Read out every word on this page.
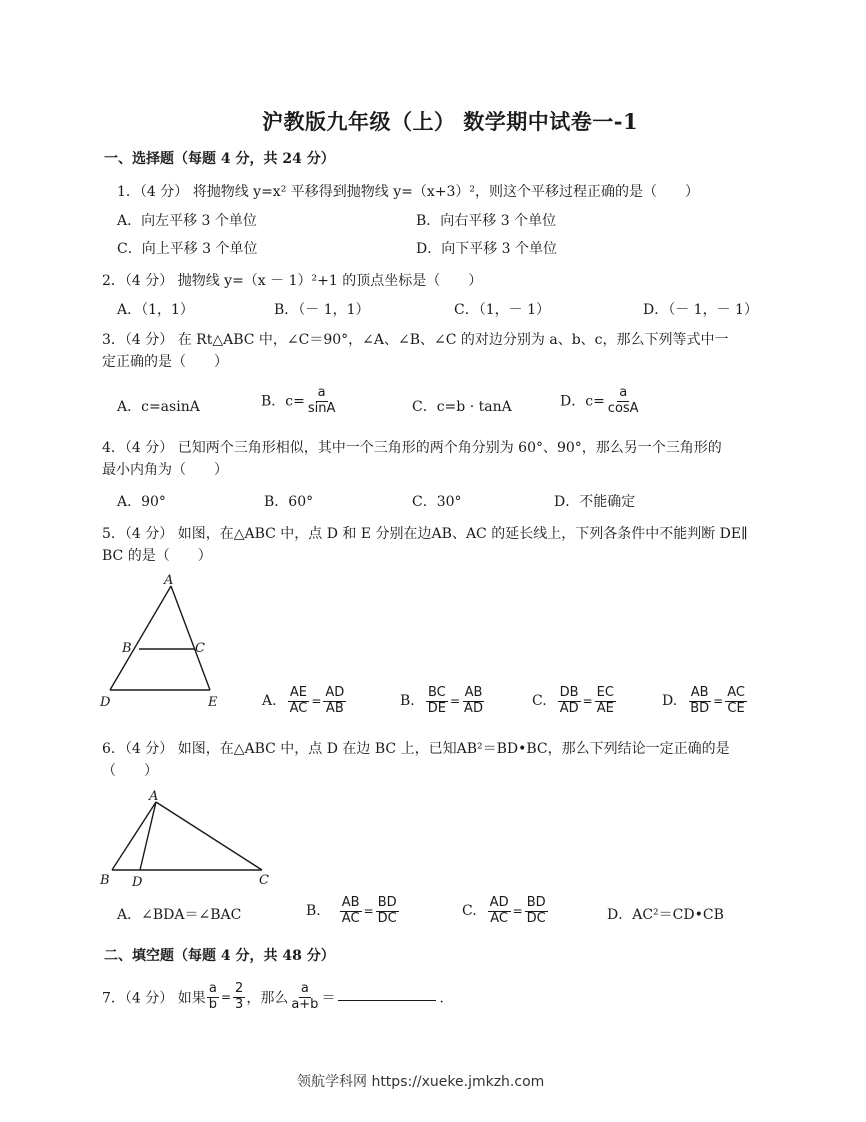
沪教版九年级（上） 数学期中试卷一-1
一、选择题（每题 4 分，共 24 分）
1．（4 分） 将抛物线 y=x² 平移得到抛物线 y=（x+3）²，则这个平移过程正确的是（　　）
A．向左平移 3 个单位	B．向右平移 3 个单位
C．向上平移 3 个单位	D．向下平移 3 个单位
2．（4 分） 抛物线 y=（x － 1）²+1 的顶点坐标是（　　）
A．（1，1）	B．（－ 1，1）	C．（1，－ 1）	D．（－ 1，－ 1）
3．（4 分） 在 Rt△ABC 中，∠C＝90°，∠A、∠B、∠C 的对边分别为 a、b、c，那么下列等式中一
定正确的是（　　）
A．c=asinA	B．$c= \frac{a}{\sin A}$	C．c=b · tanA	D．$c= \frac{a}{\cos A}$
4．（4 分） 已知两个三角形相似，其中一个三角形的两个角分别为 60°、90°，那么另一个三角形的
最小内角为（　　）
A．90°	B．60°	C．30°	D．不能确定
5．（4 分） 如图，在△ABC 中，点 D 和 E 分别在边AB、AC 的延长线上，下列各条件中不能判断 DE∥
BC 的是（　　）
A
B	C
D	E	A. $\frac{AE}{AC} = \frac{AD}{AB}$	B. $\frac{BC}{DE} = \frac{AB}{AD}$	C. $\frac{DB}{AD} = \frac{EC}{AE}$	D. $\frac{AB}{BD} = \frac{AC}{CE}$
6．（4 分） 如图，在△ABC 中，点 D 在边 BC 上，已知AB²＝BD•BC，那么下列结论一定正确的是
（　　）
A
B D	C
A．∠BDA＝∠BAC	B. $\frac{AB}{AC} = \frac{BD}{DC}$	C. $\frac{AD}{AC} = \frac{BD}{DC}$	D．AC²＝CD•CB
二、填空题（每题 4 分，共 48 分）
7．（4 分） 如果 $\frac{a}{b} = \frac{2}{3}$ ，那么 $\frac{a}{a+b}$ ＝	．
领航学科网 https://xueke.jmkzh.com
